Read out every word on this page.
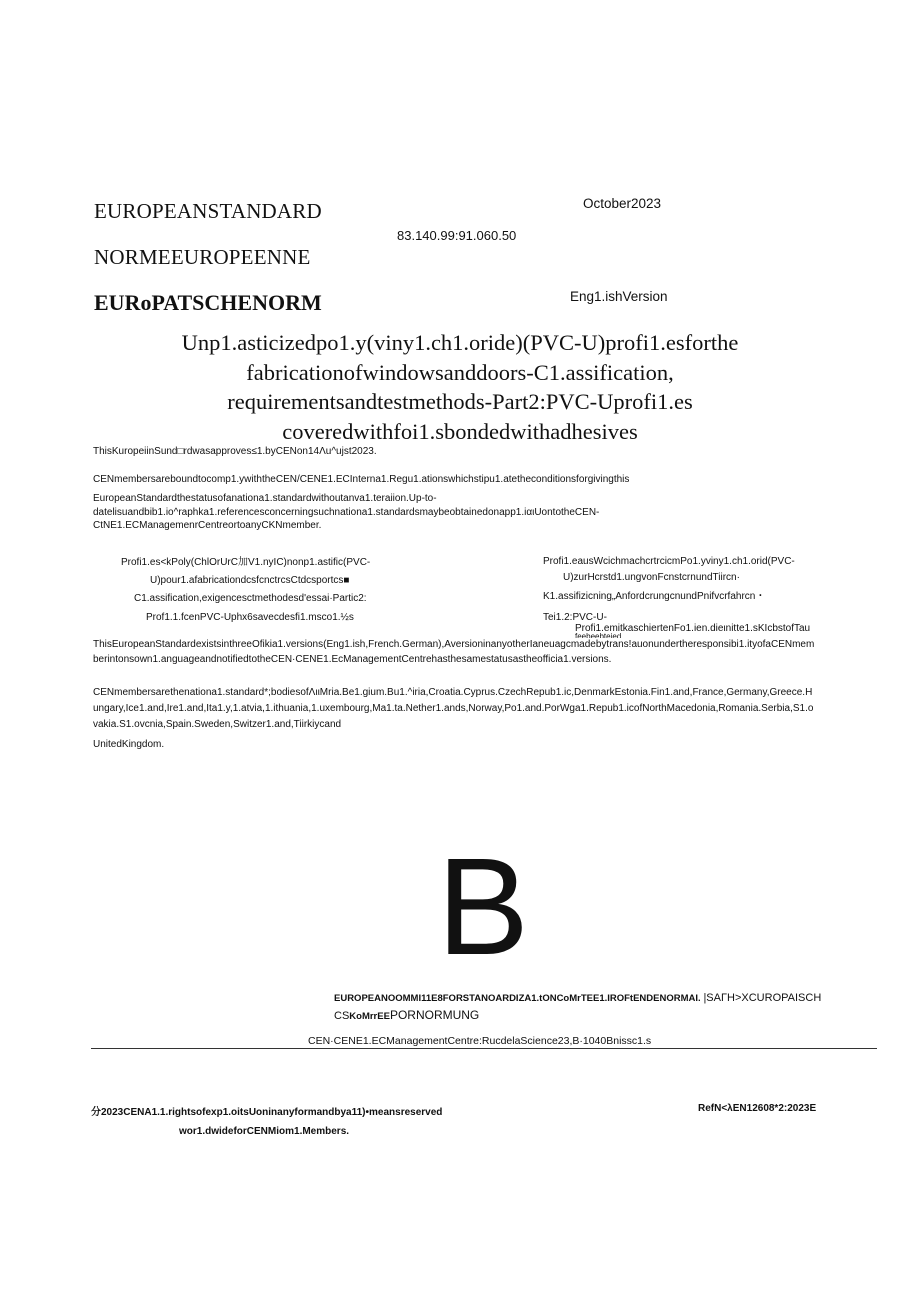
EUROPEANSTANDARD
NORMEEUROPEENNE
EURoPATSCHENORM
October2023
83.140.99:91.060.50
Eng1.ishVersion
Unp1.asticizedpo1.y(viny1.ch1.oride)(PVC-U)profi1.esforthe
fabricationofwindowsanddoors-C1.assification,
requirementsandtestmethods-Part2:PVC-Uprofi1.es
coveredwithfoi1.sbondedwithadhesives
ThisKuropeiinSund□rdwasapproves≤1.byCENon14Λu^ujst2023.
CENmembersareboundtocomp1.ywiththeCEN/CENE1.ECInterna1.Regu1.ationswhichstipu1.atetheconditionsforgivingthis
EuropeanStandardthestatusofanationa1.standardwithoutanva1.teraiion.Up-to-
datelisuandbib1.io^raphka1.referencesconcerningsuchnationa1.standardsmaybeobtainedonapp1.iαιUontotheCEN-
CtNE1.ECManagemenrCentreortoanyCKNmember.
Profi1.es<kPoly(ChlOrUrC加V1.nyIC)nonp1.astific(PVC-
U)pour1.afabricationdcsfcnctrcsCtdcsportcs■
C1.assification,exigencesctmethodesd'essai·Partic2:
Prof1.1.fcenPVC-Uphx6savecdesfi1.msco1.½s
Profi1.eausWcichmachcrtrcicmPo1.yviny1.ch1.orid(PVC-
U)zurHcrstd1.ungvonFcnstcrnundTiircn·
K1.assifizicning„AnfordcrungcnundPnifvcrfahrcn・
Tei1.2:PVC-U-
Profi1.emitkaschiertenFo1.ien.dieιnitte1.sKIcbstofTau
feebeebteied
ThisEuropeanStandardexistsinthreeOfikia1.versions(Eng1.ish,French.German),AversioninanyotherIaneuagcmadebytrans!auonundertheresponsibi1.ityofaCENmem
berintonsown1.anguageandnotifiedtotheCEN·CENE1.EcManagementCentrehasthesamestatusastheofficia1.versions.
CENmembersarethenationa1.standard*;bodiesofΛιιMria.Be1.gium.Bu1.^iria,Croatia.Cyprus.CzechRepub1.ic,DenmarkEstonia.Fin1.and,France,Germany,Greece.H
ungary,Ice1.and,Ire1.and,Ita1.y,1.atvia,1.ithuania,1.uxembourg,Ma1.ta.Nether1.ands,Norway,Po1.and.PorWga1.Repub1.icofNorthMacedonia,Romania.Serbia,S1.o
vakia.S1.ovcnia,Spain.Sweden,Switzer1.and,Tiirkiycand
UnitedKingdom.
B
EUROPEANOOMMI11E8FORSTANOARDIZA1.tONCoMrTEE1.IROFtENDENORMAI. |SAΓH>XCUROPAISCH
CSKoMrrEEPORNORMUNG
CEN·CENE1.ECManagementCentre:RucdelaScience23,B·1040Bnissc1.s
分2023CENA1.1.rightsofexp1.oitsUoninanyformandbya11)•meansreserved
wor1.dwideforCENMiom1.Members.
RefN<λEN12608*2:2023E
